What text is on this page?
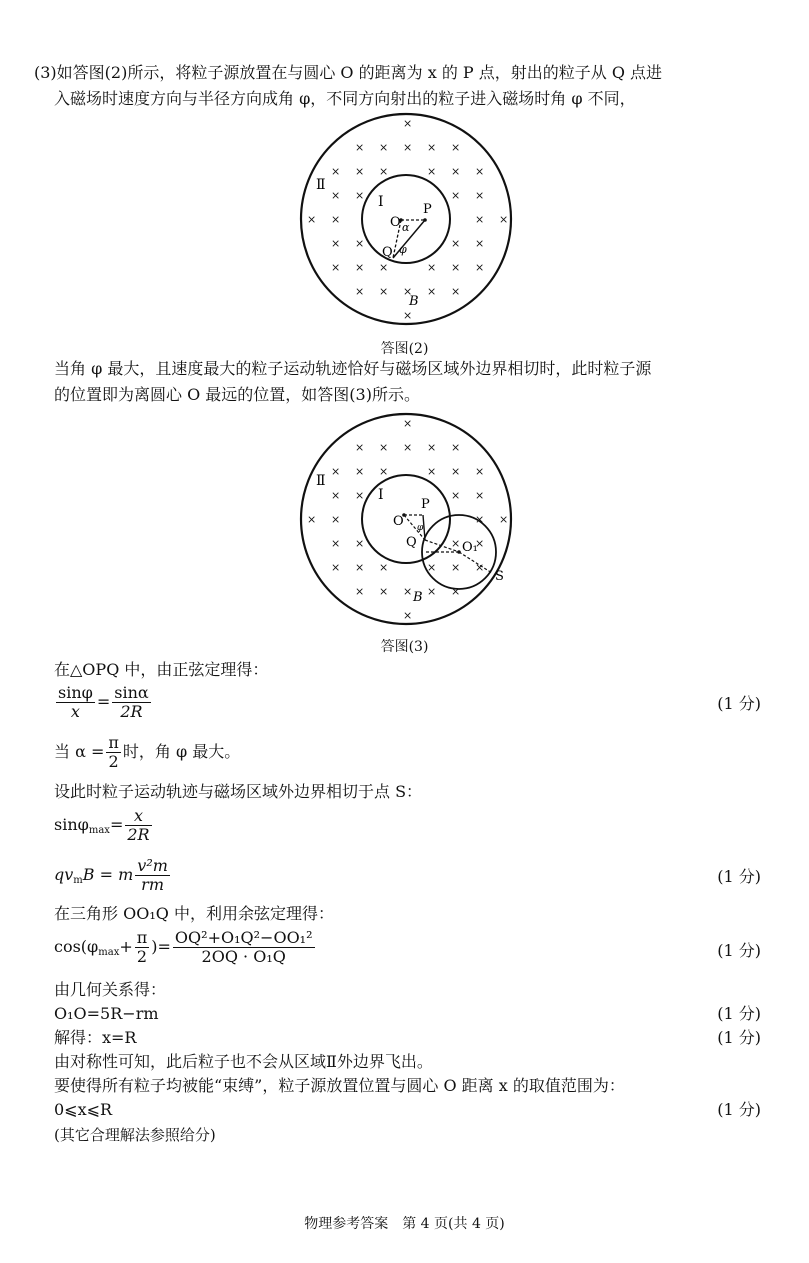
(3)如答图(2)所示，将粒子源放置在与圆心 O 的距离为 x 的 P 点，射出的粒子从 Q 点进
入磁场时速度方向与半径方向成角 φ，不同方向射出的粒子进入磁场时角 φ 不同，
×
× × × × ×
× × ×	× × ×
× ×	× ×
× ×	× ×
× ×	× ×
× × ×	× × ×
× × × × ×
×
Ⅱ
I
O
P
Q
α
φ
B
答图(2)
当角 φ 最大，且速度最大的粒子运动轨迹恰好与磁场区域外边界相切时，此时粒子源
的位置即为离圆心 O 最远的位置，如答图(3)所示。
×
× × × × ×
× × ×	× × ×
× ×	× ×
× ×	× ×
× ×	× ×
× × ×	× × ×
× × × × ×
×
Ⅱ
I
O
P
Q
φ
O₁
S
B
答图(3)
在△OPQ 中，由正弦定理得：
$\frac{\sin\varphi}{x} = \frac{\sin\alpha}{2R}$	(1 分)
当 $\alpha = \frac{\pi}{2}$ 时，角 φ 最大。
设此时粒子运动轨迹与磁场区域外边界相切于点 S：
$\sin\varphi_{max}= \frac{x}{2R}$
$qv_mB = m \frac{\text{v²m}}{rm}$	(1 分)
在三角形 OO₁Q 中，利用余弦定理得：
$\cos(\varphi_{max}+ \frac{\pi}{2}$ )= $\frac{\text{OQ²+O₁Q²−OO₁²}}{\text{2OQ · O₁Q}}$	(1 分)
由几何关系得：
O₁O=5R−rm	(1 分)
解得：x=R	(1 分)
由对称性可知，此后粒子也不会从区域Ⅱ外边界飞出。
要使得所有粒子均被能“束缚”，粒子源放置位置与圆心 O 距离 x 的取值范围为：
0⩽x⩽R	(1 分)
(其它合理解法参照给分)
物理参考答案　第 4 页(共 4 页)
